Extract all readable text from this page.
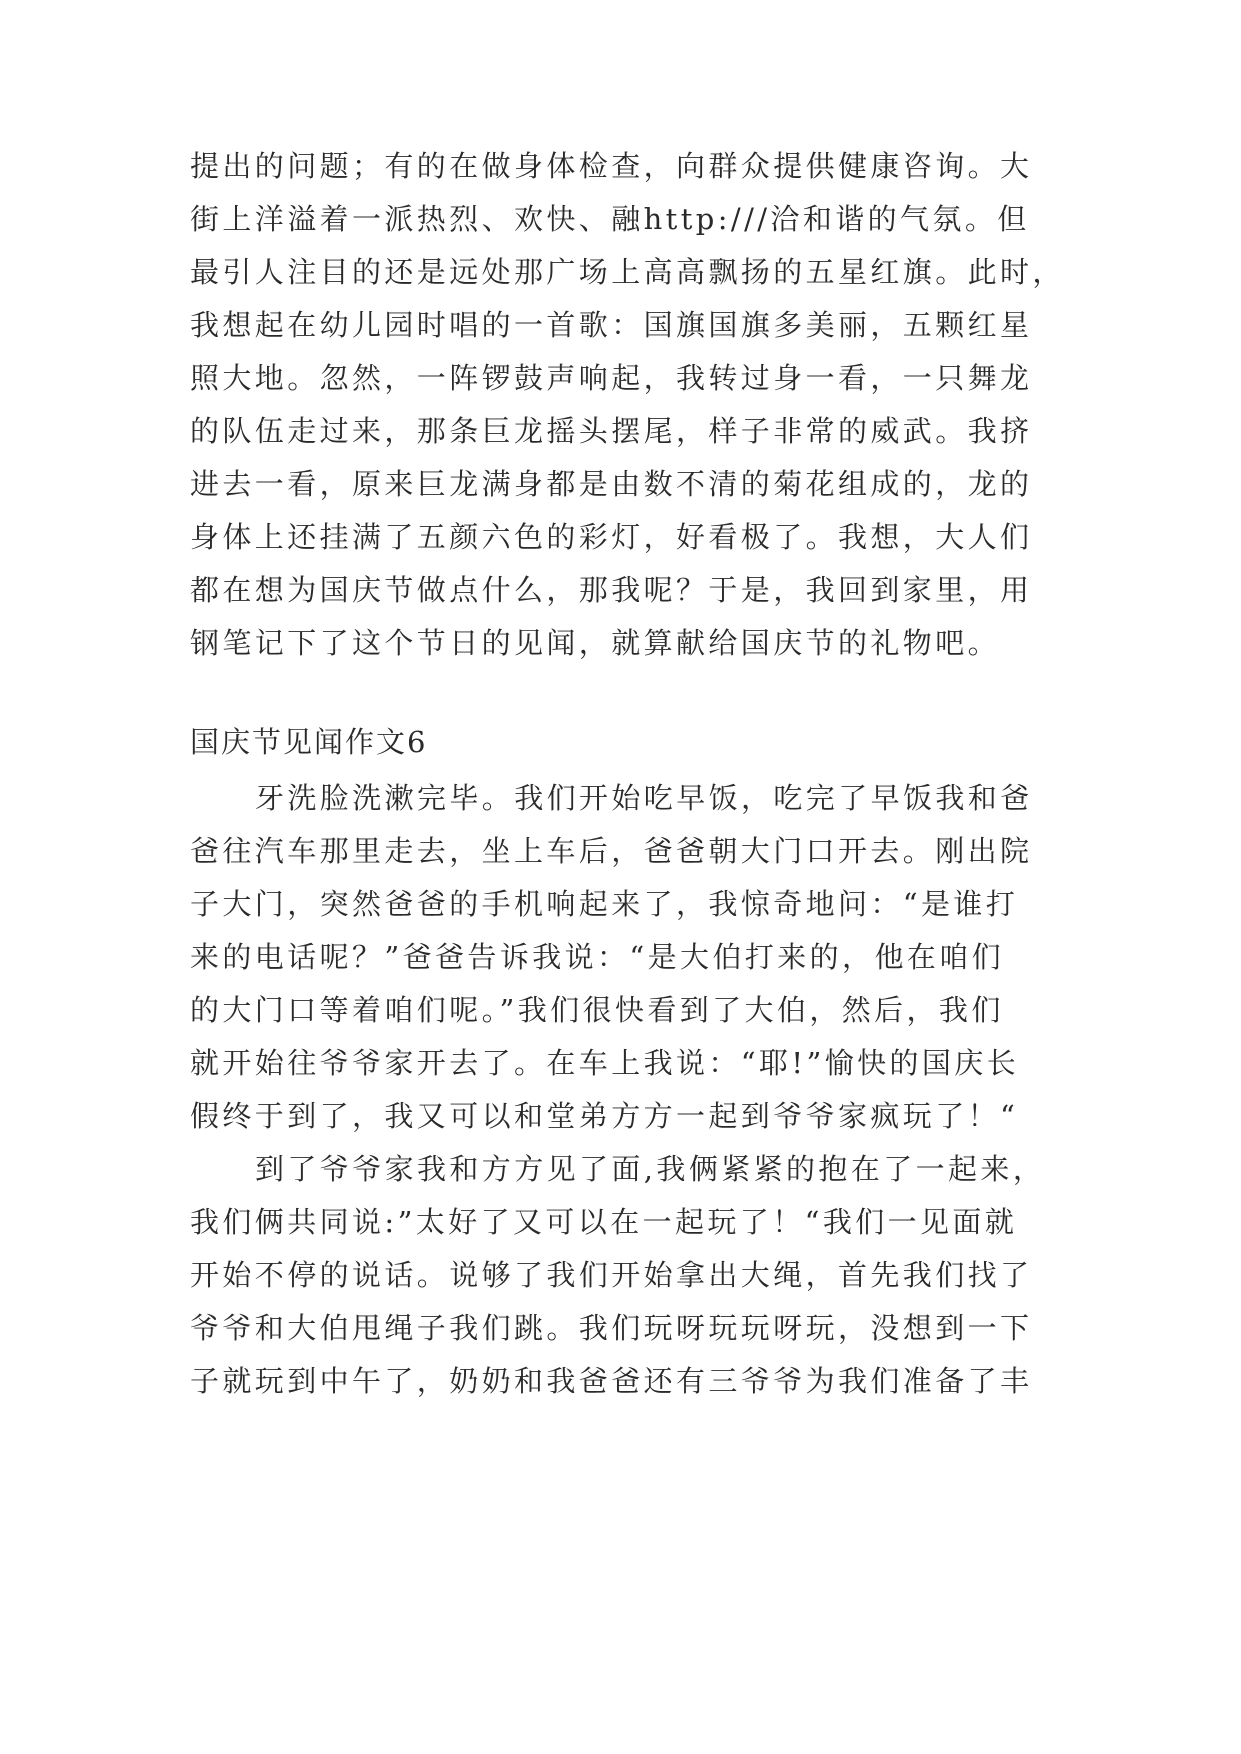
提出的问题；有的在做身体检查，向群众提供健康咨询。大
街上洋溢着一派热烈、欢快、融http:///洽和谐的气氛。但
最引人注目的还是远处那广场上高高飘扬的五星红旗。此时，
我想起在幼儿园时唱的一首歌：国旗国旗多美丽，五颗红星
照大地。忽然，一阵锣鼓声响起，我转过身一看，一只舞龙
的队伍走过来，那条巨龙摇头摆尾，样子非常的威武。我挤
进去一看，原来巨龙满身都是由数不清的菊花组成的，龙的
身体上还挂满了五颜六色的彩灯，好看极了。我想，大人们
都在想为国庆节做点什么，那我呢？于是，我回到家里，用
钢笔记下了这个节日的见闻，就算献给国庆节的礼物吧。
国庆节见闻作文6
牙洗脸洗漱完毕。我们开始吃早饭，吃完了早饭我和爸
爸往汽车那里走去，坐上车后，爸爸朝大门口开去。刚出院
子大门，突然爸爸的手机响起来了，我惊奇地问：“是谁打
来的电话呢？”爸爸告诉我说：“是大伯打来的，他在咱们
的大门口等着咱们呢。”我们很快看到了大伯，然后，我们
就开始往爷爷家开去了。在车上我说：“耶!”愉快的国庆长
假终于到了，我又可以和堂弟方方一起到爷爷家疯玩了！“
到了爷爷家我和方方见了面,我俩紧紧的抱在了一起来，
我们俩共同说:”太好了又可以在一起玩了！“我们一见面就
开始不停的说话。说够了我们开始拿出大绳，首先我们找了
爷爷和大伯甩绳子我们跳。我们玩呀玩玩呀玩，没想到一下
子就玩到中午了，奶奶和我爸爸还有三爷爷为我们准备了丰
